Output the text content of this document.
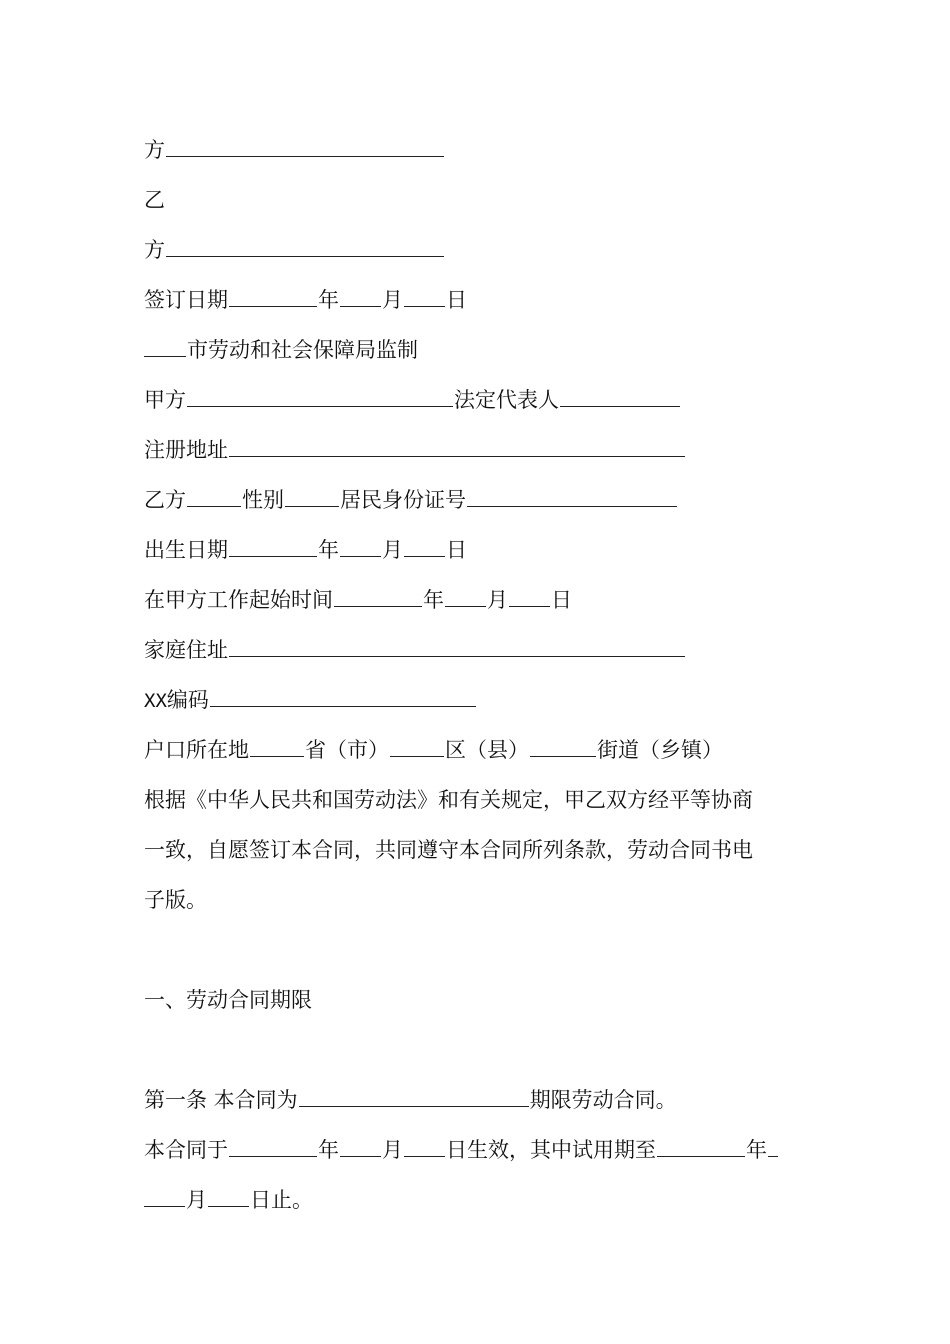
方
乙
方
签订日期	年 月 日
市劳动和社会保障局监制
甲方	法定代表人
注册地址
乙方	性别	居民身份证号
出生日期	年 月 日
在甲方工作起始时间	年 月 日
家庭住址
XX编码
户口所在地	省（市）	区（县）	街道（乡镇）
根据《中华人民共和国劳动法》和有关规定，甲乙双方经平等协商
一致，自愿签订本合同，共同遵守本合同所列条款，劳动合同书电
子版。
一、劳动合同期限
第一条 本合同为	期限劳动合同。
本合同于	年 月 日生效，其中试用期至	年
月 日止。
